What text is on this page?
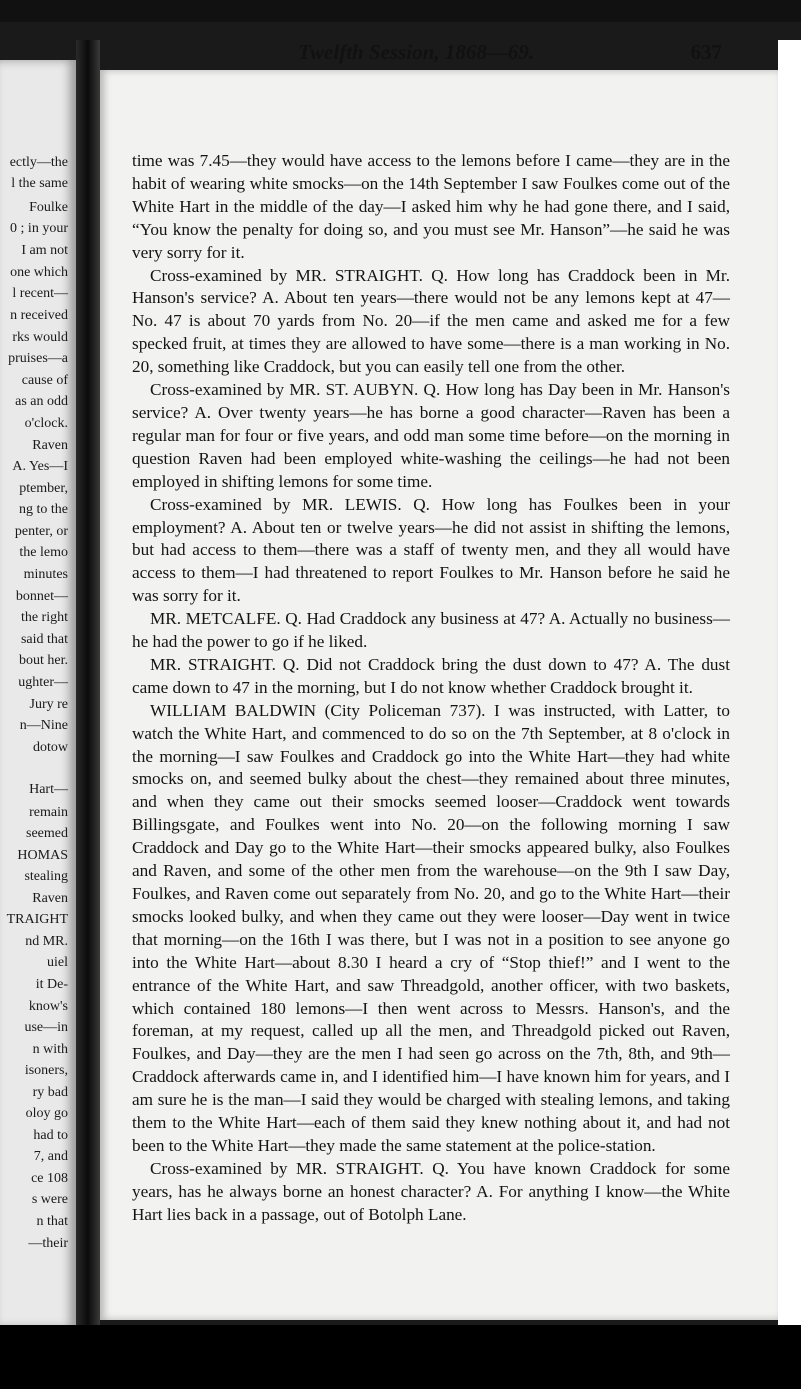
ectly—the
l the same
Foulke
0 ; in your
I am not
one which
l recent—
n received
rks would
pruises—a
cause of
as an odd
o'clock.
Raven
A. Yes—I
ptember,
ng to the
penter, or
the lemo
minutes
bonnet—
the right
said that
bout her.
ughter—
Jury re
n—Nine
dotow
Hart—
remain
seemed
HOMAS
stealing
Raven
TRAIGHT
nd MR.
uiel
it De-
know's
use—in
n with
isoners,
ry bad
oloy go
had to
7, and
ce 108
s were
n that
—their
Twelfth Session, 1868—69.	637

time was 7.45—they would have access to the lemons before I came—they are in the habit of wearing white smocks—on the 14th September I saw Foulkes come out of the White Hart in the middle of the day—I asked him why he had gone there, and I said, “You know the penalty for doing so, and you must see Mr. Hanson”—he said he was very sorry for it.

Cross-examined by MR. STRAIGHT. Q. How long has Craddock been in Mr. Hanson's service? A. About ten years—there would not be any lemons kept at 47—No. 47 is about 70 yards from No. 20—if the men came and asked me for a few specked fruit, at times they are allowed to have some—there is a man working in No. 20, something like Craddock, but you can easily tell one from the other.

Cross-examined by MR. ST. AUBYN. Q. How long has Day been in Mr. Hanson's service? A. Over twenty years—he has borne a good character—Raven has been a regular man for four or five years, and odd man some time before—on the morning in question Raven had been employed white-washing the ceilings—he had not been employed in shifting lemons for some time.

Cross-examined by MR. LEWIS. Q. How long has Foulkes been in your employment? A. About ten or twelve years—he did not assist in shifting the lemons, but had access to them—there was a staff of twenty men, and they all would have access to them—I had threatened to report Foulkes to Mr. Hanson before he said he was sorry for it.

MR. METCALFE. Q. Had Craddock any business at 47? A. Actually no business—he had the power to go if he liked.

MR. STRAIGHT. Q. Did not Craddock bring the dust down to 47? A. The dust came down to 47 in the morning, but I do not know whether Craddock brought it.

WILLIAM BALDWIN (City Policeman 737). I was instructed, with Latter, to watch the White Hart, and commenced to do so on the 7th September, at 8 o'clock in the morning—I saw Foulkes and Craddock go into the White Hart—they had white smocks on, and seemed bulky about the chest—they remained about three minutes, and when they came out their smocks seemed looser—Craddock went towards Billingsgate, and Foulkes went into No. 20—on the following morning I saw Craddock and Day go to the White Hart—their smocks appeared bulky, also Foulkes and Raven, and some of the other men from the warehouse—on the 9th I saw Day, Foulkes, and Raven come out separately from No. 20, and go to the White Hart—their smocks looked bulky, and when they came out they were looser—Day went in twice that morning—on the 16th I was there, but I was not in a position to see anyone go into the White Hart—about 8.30 I heard a cry of “Stop thief!” and I went to the entrance of the White Hart, and saw Threadgold, another officer, with two baskets, which contained 180 lemons—I then went across to Messrs. Hanson's, and the foreman, at my request, called up all the men, and Threadgold picked out Raven, Foulkes, and Day—they are the men I had seen go across on the 7th, 8th, and 9th—Craddock afterwards came in, and I identified him—I have known him for years, and I am sure he is the man—I said they would be charged with stealing lemons, and taking them to the White Hart—each of them said they knew nothing about it, and had not been to the White Hart—they made the same statement at the police-station.

Cross-examined by MR. STRAIGHT. Q. You have known Craddock for some years, has he always borne an honest character? A. For anything I know—the White Hart lies back in a passage, out of Botolph Lane.
